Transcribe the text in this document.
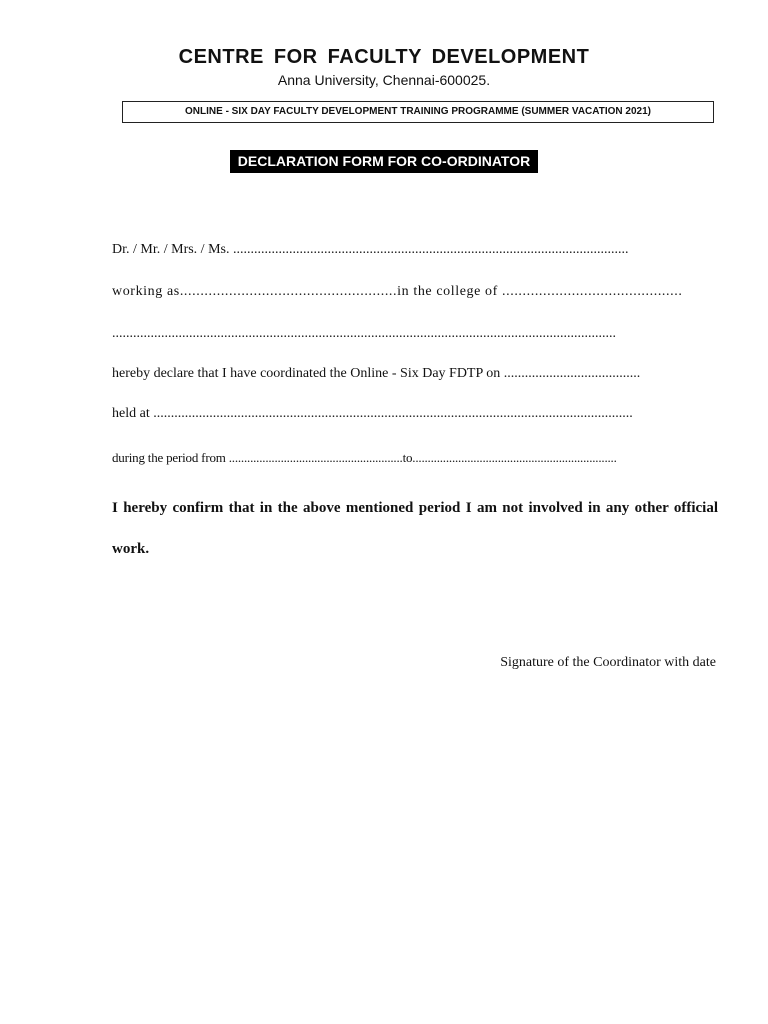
CENTRE FOR FACULTY DEVELOPMENT
Anna University, Chennai-600025.
ONLINE - SIX DAY FACULTY DEVELOPMENT TRAINING PROGRAMME (SUMMER VACATION 2021)
DECLARATION FORM FOR CO-ORDINATOR
Dr. / Mr. / Mrs. / Ms. .................................................................................................................
working as.....................................................in the college of ............................................
................................................................................................................................................
hereby declare that I have coordinated the Online - Six Day FDTP on .......................................
held at .........................................................................................................................................
during the period from .........................................................to...................................................................
I hereby confirm that in the above mentioned period I am not involved in any other official work.
Signature of the Coordinator with date
